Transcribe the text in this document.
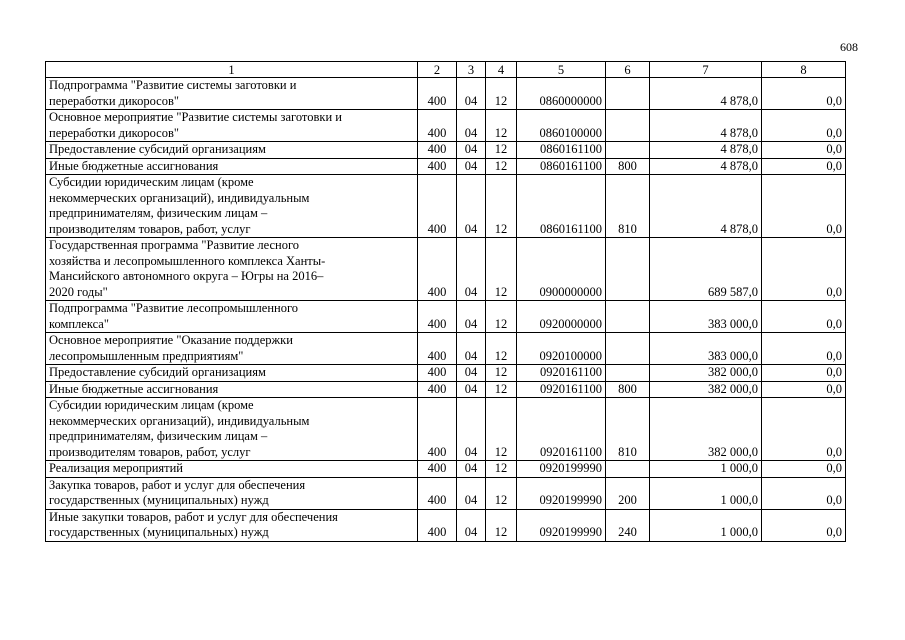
608
1	2	3	4	5	6	7	8
Подпрограмма "Развитие системы заготовки и
переработки дикоросов"	400	04	12	0860000000		4 878,0	0,0
Основное мероприятие "Развитие системы заготовки и
переработки дикоросов"	400	04	12	0860100000		4 878,0	0,0
Предоставление субсидий организациям	400	04	12	0860161100		4 878,0	0,0
Иные бюджетные ассигнования	400	04	12	0860161100	800	4 878,0	0,0
Субсидии юридическим лицам (кроме
некоммерческих организаций), индивидуальным
предпринимателям, физическим лицам –
производителям товаров, работ, услуг	400	04	12	0860161100	810	4 878,0	0,0
Государственная программа "Развитие лесного
хозяйства и лесопромышленного комплекса Ханты-
Мансийского автономного округа – Югры на 2016–
2020 годы"	400	04	12	0900000000		689 587,0	0,0
Подпрограмма "Развитие лесопромышленного
комплекса"	400	04	12	0920000000		383 000,0	0,0
Основное мероприятие "Оказание поддержки
лесопромышленным предприятиям"	400	04	12	0920100000		383 000,0	0,0
Предоставление субсидий организациям	400	04	12	0920161100		382 000,0	0,0
Иные бюджетные ассигнования	400	04	12	0920161100	800	382 000,0	0,0
Субсидии юридическим лицам (кроме
некоммерческих организаций), индивидуальным
предпринимателям, физическим лицам –
производителям товаров, работ, услуг	400	04	12	0920161100	810	382 000,0	0,0
Реализация мероприятий	400	04	12	0920199990		1 000,0	0,0
Закупка товаров, работ и услуг для обеспечения
государственных (муниципальных) нужд	400	04	12	0920199990	200	1 000,0	0,0
Иные закупки товаров, работ и услуг для обеспечения
государственных (муниципальных) нужд	400	04	12	0920199990	240	1 000,0	0,0
